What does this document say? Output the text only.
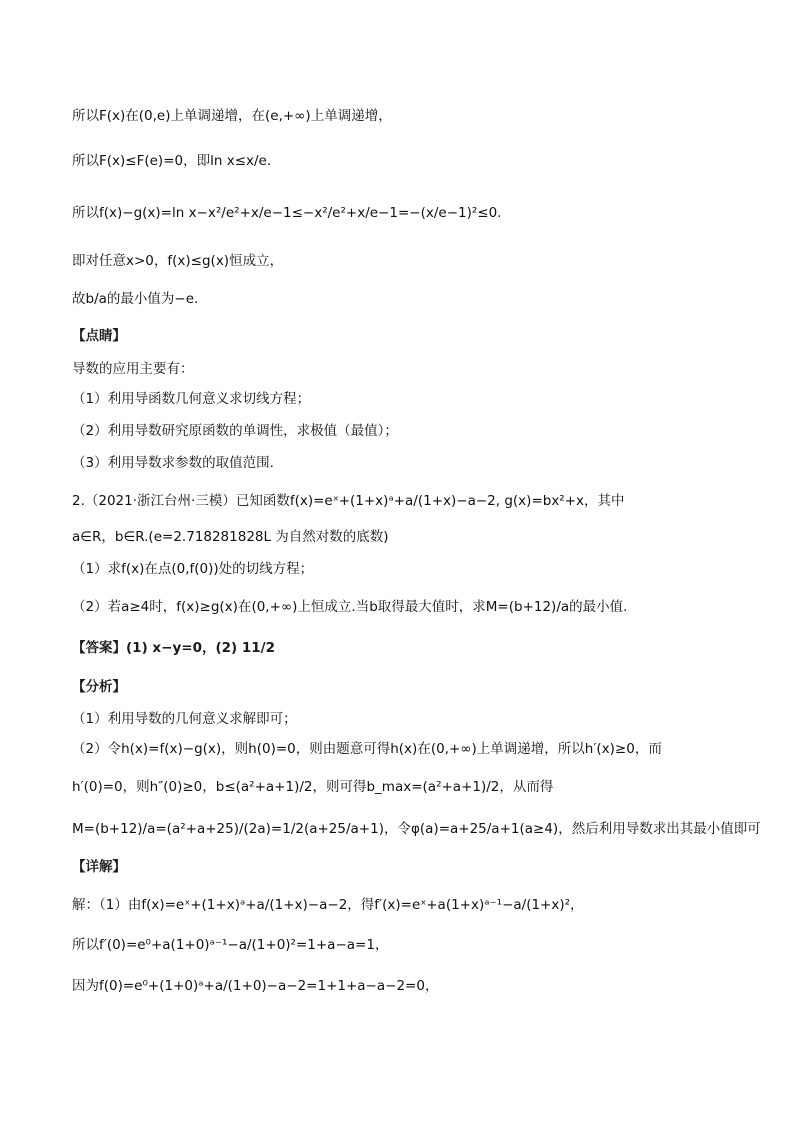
所以F(x)在(0,e)上单调递增，在(e,+∞)上单调递增，
所以F(x)≤F(e)=0，即ln x≤x/e.
所以f(x)−g(x)=ln x−x²/e²+x/e−1≤−x²/e²+x/e−1=−(x/e−1)²≤0.
即对任意x>0，f(x)≤g(x)恒成立，
故b/a的最小值为−e.
【点睛】
导数的应用主要有：
（1）利用导函数几何意义求切线方程；
（2）利用导数研究原函数的单调性，求极值（最值）；
（3）利用导数求参数的取值范围.
2.（2021·浙江台州·三模）已知函数f(x)=eˣ+(1+x)ᵃ+a/(1+x)−a−2, g(x)=bx²+x，其中
a∈R，b∈R.(e=2.718281828L 为自然对数的底数)
（1）求f(x)在点(0,f(0))处的切线方程；
（2）若a≥4时，f(x)≥g(x)在(0,+∞)上恒成立.当b取得最大值时，求M=(b+12)/a的最小值.
【答案】(1) x−y=0，(2) 11/2
【分析】
（1）利用导数的几何意义求解即可；
（2）令h(x)=f(x)−g(x)，则h(0)=0，则由题意可得h(x)在(0,+∞)上单调递增，所以h′(x)≥0，而
h′(0)=0，则h″(0)≥0，b≤(a²+a+1)/2，则可得b_max=(a²+a+1)/2，从而得
M=(b+12)/a=(a²+a+25)/(2a)=1/2(a+25/a+1)，令φ(a)=a+25/a+1(a≥4)，然后利用导数求出其最小值即可
【详解】
解：（1）由f(x)=eˣ+(1+x)ᵃ+a/(1+x)−a−2，得f′(x)=eˣ+a(1+x)ᵃ⁻¹−a/(1+x)²，
所以f′(0)=e⁰+a(1+0)ᵃ⁻¹−a/(1+0)²=1+a−a=1，
因为f(0)=e⁰+(1+0)ᵃ+a/(1+0)−a−2=1+1+a−a−2=0，
